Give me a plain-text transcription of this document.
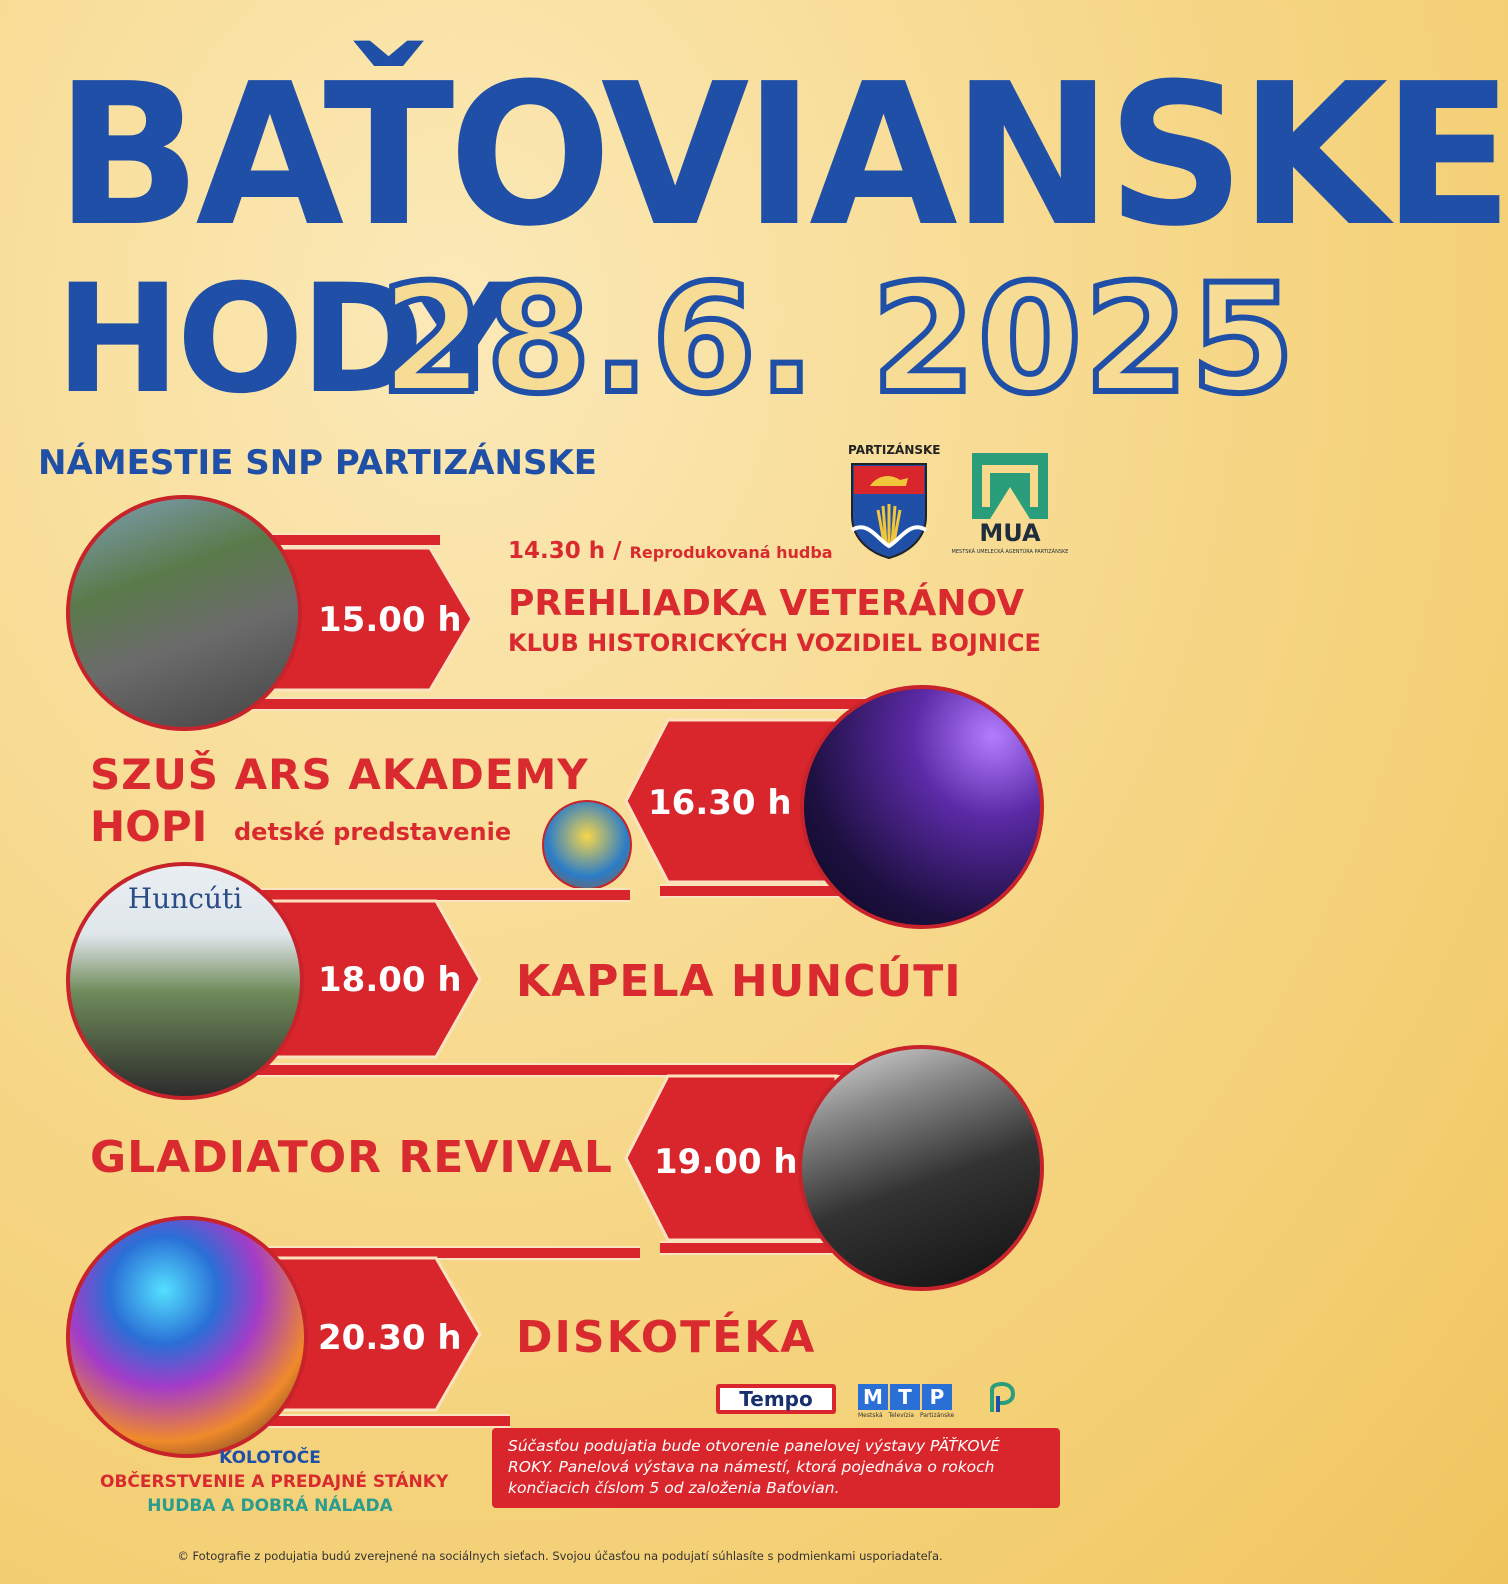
BAŤOVIANSKE
HODY
28.6. 2025
NÁMESTIE SNP PARTIZÁNSKE	PARTIZÁNSKE
MUA
MESTSKÁ UMELECKÁ AGENTÚRA PARTIZÁNSKE
15.00 h
14.30 h / Reprodukovaná hudba
PREHLIADKA VETERÁNOV
KLUB HISTORICKÝCH VOZIDIEL BOJNICE
16.30 h
SZUŠ ARS AKADEMY
HOPI detské predstavenie
Huncúti
18.00 h KAPELA HUNCÚTI
19.00 h
GLADIATOR REVIVAL
20.30 h DISKOTÉKA
Tempo	M T P
Mestská Televízia Partizánske
KOLOTOČE
OBČERSTVENIE A PREDAJNÉ STÁNKY
HUDBA A DOBRÁ NÁLADA
Súčasťou podujatia bude otvorenie panelovej výstavy PÄŤKOVÉ ROKY. Panelová výstava na námestí, ktorá pojednáva o rokoch končiacich číslom 5 od založenia Baťovian.
© Fotografie z podujatia budú zverejnené na sociálnych sieťach. Svojou účasťou na podujatí súhlasíte s podmienkami usporiadateľa.
